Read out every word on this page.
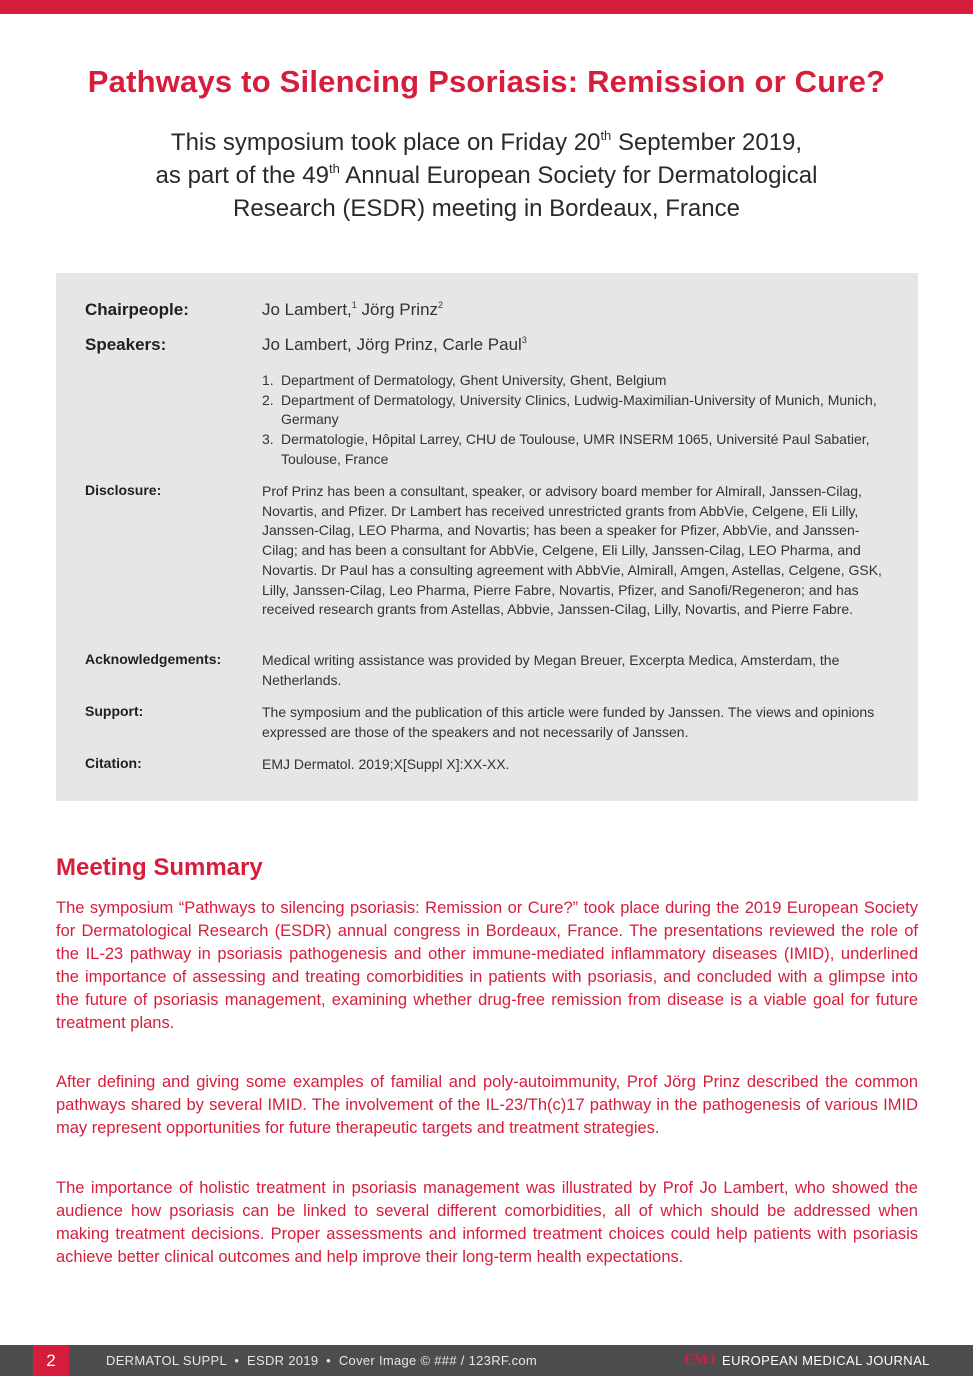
Pathways to Silencing Psoriasis: Remission or Cure?
This symposium took place on Friday 20th September 2019,
as part of the 49th Annual European Society for Dermatological
Research (ESDR) meeting in Bordeaux, France
Chairpeople:	Jo Lambert,$^1$ Jörg Prinz$^2$
Speakers:	Jo Lambert, Jörg Prinz, Carle Paul$^3$
1. Department of Dermatology, Ghent University, Ghent, Belgium
2. Department of Dermatology, University Clinics, Ludwig-Maximilian-University of Munich, Munich, Germany
3. Dermatologie, Hôpital Larrey, CHU de Toulouse, UMR INSERM 1065, Université Paul Sabatier, Toulouse, France
Disclosure:	Prof Prinz has been a consultant, speaker, or advisory board member for Almirall, Janssen-Cilag, Novartis, and Pfizer. Dr Lambert has received unrestricted grants from AbbVie, Celgene, Eli Lilly, Janssen-Cilag, LEO Pharma, and Novartis; has been a speaker for Pfizer, AbbVie, and Janssen-Cilag; and has been a consultant for AbbVie, Celgene, Eli Lilly, Janssen-Cilag, LEO Pharma, and Novartis. Dr Paul has a consulting agreement with AbbVie, Almirall, Amgen, Astellas, Celgene, GSK, Lilly, Janssen-Cilag, Leo Pharma, Pierre Fabre, Novartis, Pfizer, and Sanofi/Regeneron; and has received research grants from Astellas, Abbvie, Janssen-Cilag, Lilly, Novartis, and Pierre Fabre.
Acknowledgements:	Medical writing assistance was provided by Megan Breuer, Excerpta Medica, Amsterdam, the Netherlands.
Support:	The symposium and the publication of this article were funded by Janssen. The views and opinions expressed are those of the speakers and not necessarily of Janssen.
Citation:	EMJ Dermatol. 2019;X[Suppl X]:XX-XX.
Meeting Summary

The symposium “Pathways to silencing psoriasis: Remission or Cure?” took place during the 2019 European Society for Dermatological Research (ESDR) annual congress in Bordeaux, France. The presentations reviewed the role of the IL-23 pathway in psoriasis pathogenesis and other immune-mediated inflammatory diseases (IMID), underlined the importance of assessing and treating comorbidities in patients with psoriasis, and concluded with a glimpse into the future of psoriasis management, examining whether drug-free remission from disease is a viable goal for future treatment plans.

After defining and giving some examples of familial and poly-autoimmunity, Prof Jörg Prinz described the common pathways shared by several IMID. The involvement of the IL-23/Th(c)17 pathway in the pathogenesis of various IMID may represent opportunities for future therapeutic targets and treatment strategies.

The importance of holistic treatment in psoriasis management was illustrated by Prof Jo Lambert, who showed the audience how psoriasis can be linked to several different comorbidities, all of which should be addressed when making treatment decisions. Proper assessments and informed treatment choices could help patients with psoriasis achieve better clinical outcomes and help improve their long-term health expectations.

2	DERMATOL SUPPL  •  ESDR 2019  •  Cover Image © ### / 123RF.com	EMJ EUROPEAN MEDICAL JOURNAL
